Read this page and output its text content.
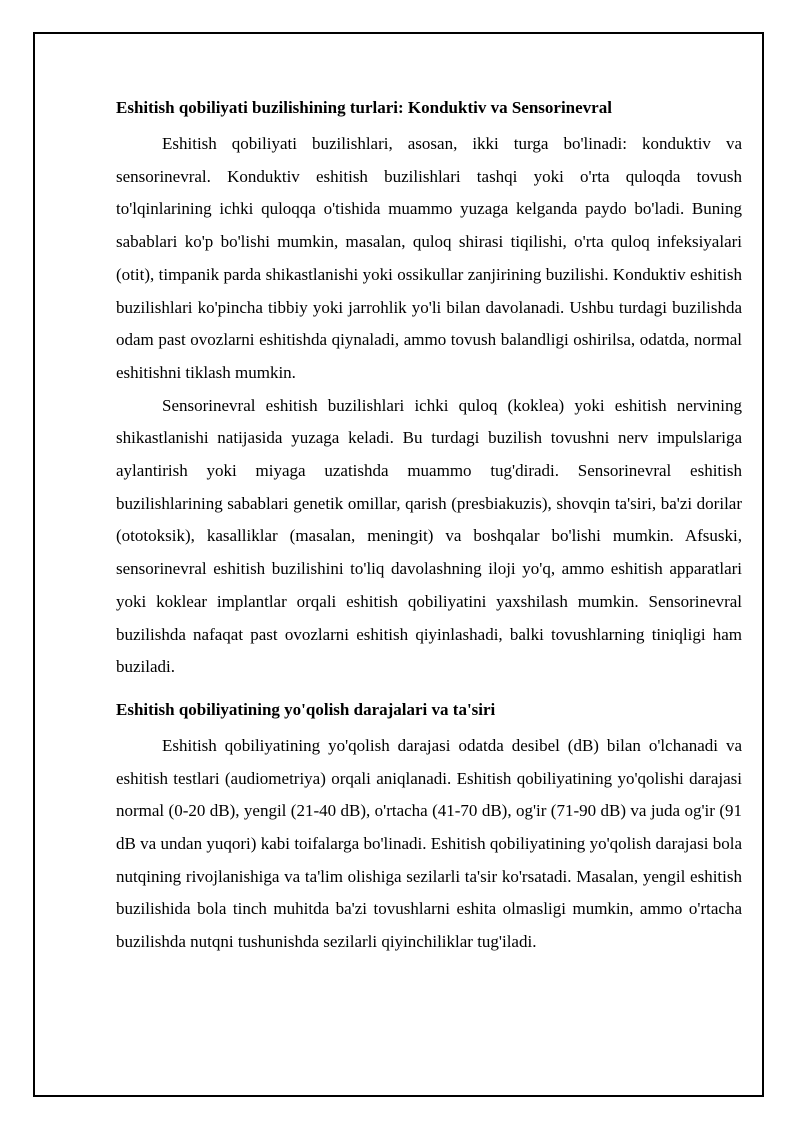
Eshitish qobiliyati buzilishining turlari: Konduktiv va Sensorinevral

Eshitish qobiliyati buzilishlari, asosan, ikki turga bo'linadi: konduktiv va sensorinevral. Konduktiv eshitish buzilishlari tashqi yoki o'rta quloqda tovush to'lqinlarining ichki quloqqa o'tishida muammo yuzaga kelganda paydo bo'ladi. Buning sabablari ko'p bo'lishi mumkin, masalan, quloq shirasi tiqilishi, o'rta quloq infeksiyalari (otit), timpanik parda shikastlanishi yoki ossikullar zanjirining buzilishi. Konduktiv eshitish buzilishlari ko'pincha tibbiy yoki jarrohlik yo'li bilan davolanadi. Ushbu turdagi buzilishda odam past ovozlarni eshitishda qiynaladi, ammo tovush balandligi oshirilsa, odatda, normal eshitishni tiklash mumkin.

Sensorinevral eshitish buzilishlari ichki quloq (koklea) yoki eshitish nervining shikastlanishi natijasida yuzaga keladi. Bu turdagi buzilish tovushni nerv impulslariga aylantirish yoki miyaga uzatishda muammo tug'diradi. Sensorinevral eshitish buzilishlarining sabablari genetik omillar, qarish (presbiakuzis), shovqin ta'siri, ba'zi dorilar (ototoksik), kasalliklar (masalan, meningit) va boshqalar bo'lishi mumkin. Afsuski, sensorinevral eshitish buzilishini to'liq davolashning iloji yo'q, ammo eshitish apparatlari yoki koklear implantlar orqali eshitish qobiliyatini yaxshilash mumkin. Sensorinevral buzilishda nafaqat past ovozlarni eshitish qiyinlashadi, balki tovushlarning tiniqligi ham buziladi.

Eshitish qobiliyatining yo'qolish darajalari va ta'siri

Eshitish qobiliyatining yo'qolish darajasi odatda desibel (dB) bilan o'lchanadi va eshitish testlari (audiometriya) orqali aniqlanadi. Eshitish qobiliyatining yo'qolishi darajasi normal (0-20 dB), yengil (21-40 dB), o'rtacha (41-70 dB), og'ir (71-90 dB) va juda og'ir (91 dB va undan yuqori) kabi toifalarga bo'linadi. Eshitish qobiliyatining yo'qolish darajasi bola nutqining rivojlanishiga va ta'lim olishiga sezilarli ta'sir ko'rsatadi. Masalan, yengil eshitish buzilishida bola tinch muhitda ba'zi tovushlarni eshita olmasligi mumkin, ammo o'rtacha buzilishda nutqni tushunishda sezilarli qiyinchiliklar tug'iladi.
